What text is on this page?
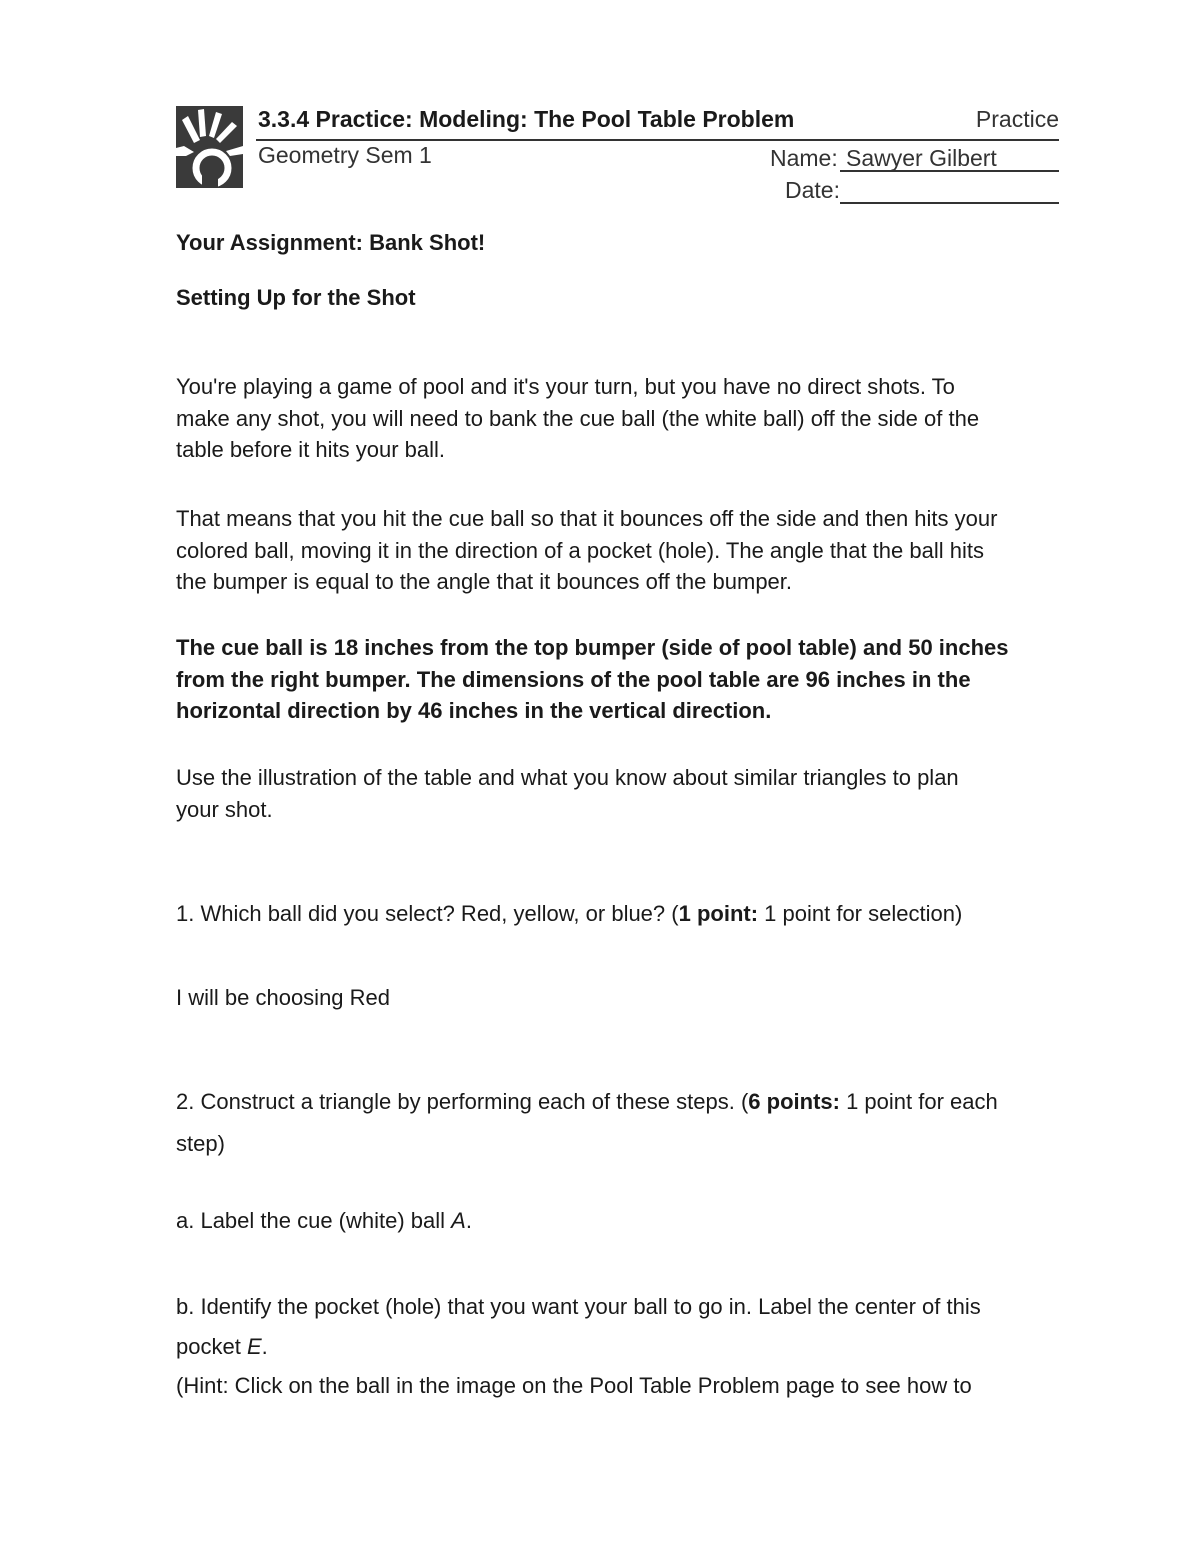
3.3.4 Practice: Modeling: The Pool Table Problem	Practice
Geometry Sem 1	Name: Sawyer Gilbert
Date:
Your Assignment: Bank Shot!
Setting Up for the Shot
You're playing a game of pool and it's your turn, but you have no direct shots. To
make any shot, you will need to bank the cue ball (the white ball) off the side of the
table before it hits your ball.
That means that you hit the cue ball so that it bounces off the side and then hits your
colored ball, moving it in the direction of a pocket (hole). The angle that the ball hits
the bumper is equal to the angle that it bounces off the bumper.
The cue ball is 18 inches from the top bumper (side of pool table) and 50 inches
from the right bumper. The dimensions of the pool table are 96 inches in the
horizontal direction by 46 inches in the vertical direction.
Use the illustration of the table and what you know about similar triangles to plan
your shot.
1. Which ball did you select? Red, yellow, or blue? (1 point: 1 point for selection)
I will be choosing Red
2. Construct a triangle by performing each of these steps. (6 points: 1 point for each
step)
a. Label the cue (white) ball A.
b. Identify the pocket (hole) that you want your ball to go in. Label the center of this
pocket E.
(Hint: Click on the ball in the image on the Pool Table Problem page to see how to
